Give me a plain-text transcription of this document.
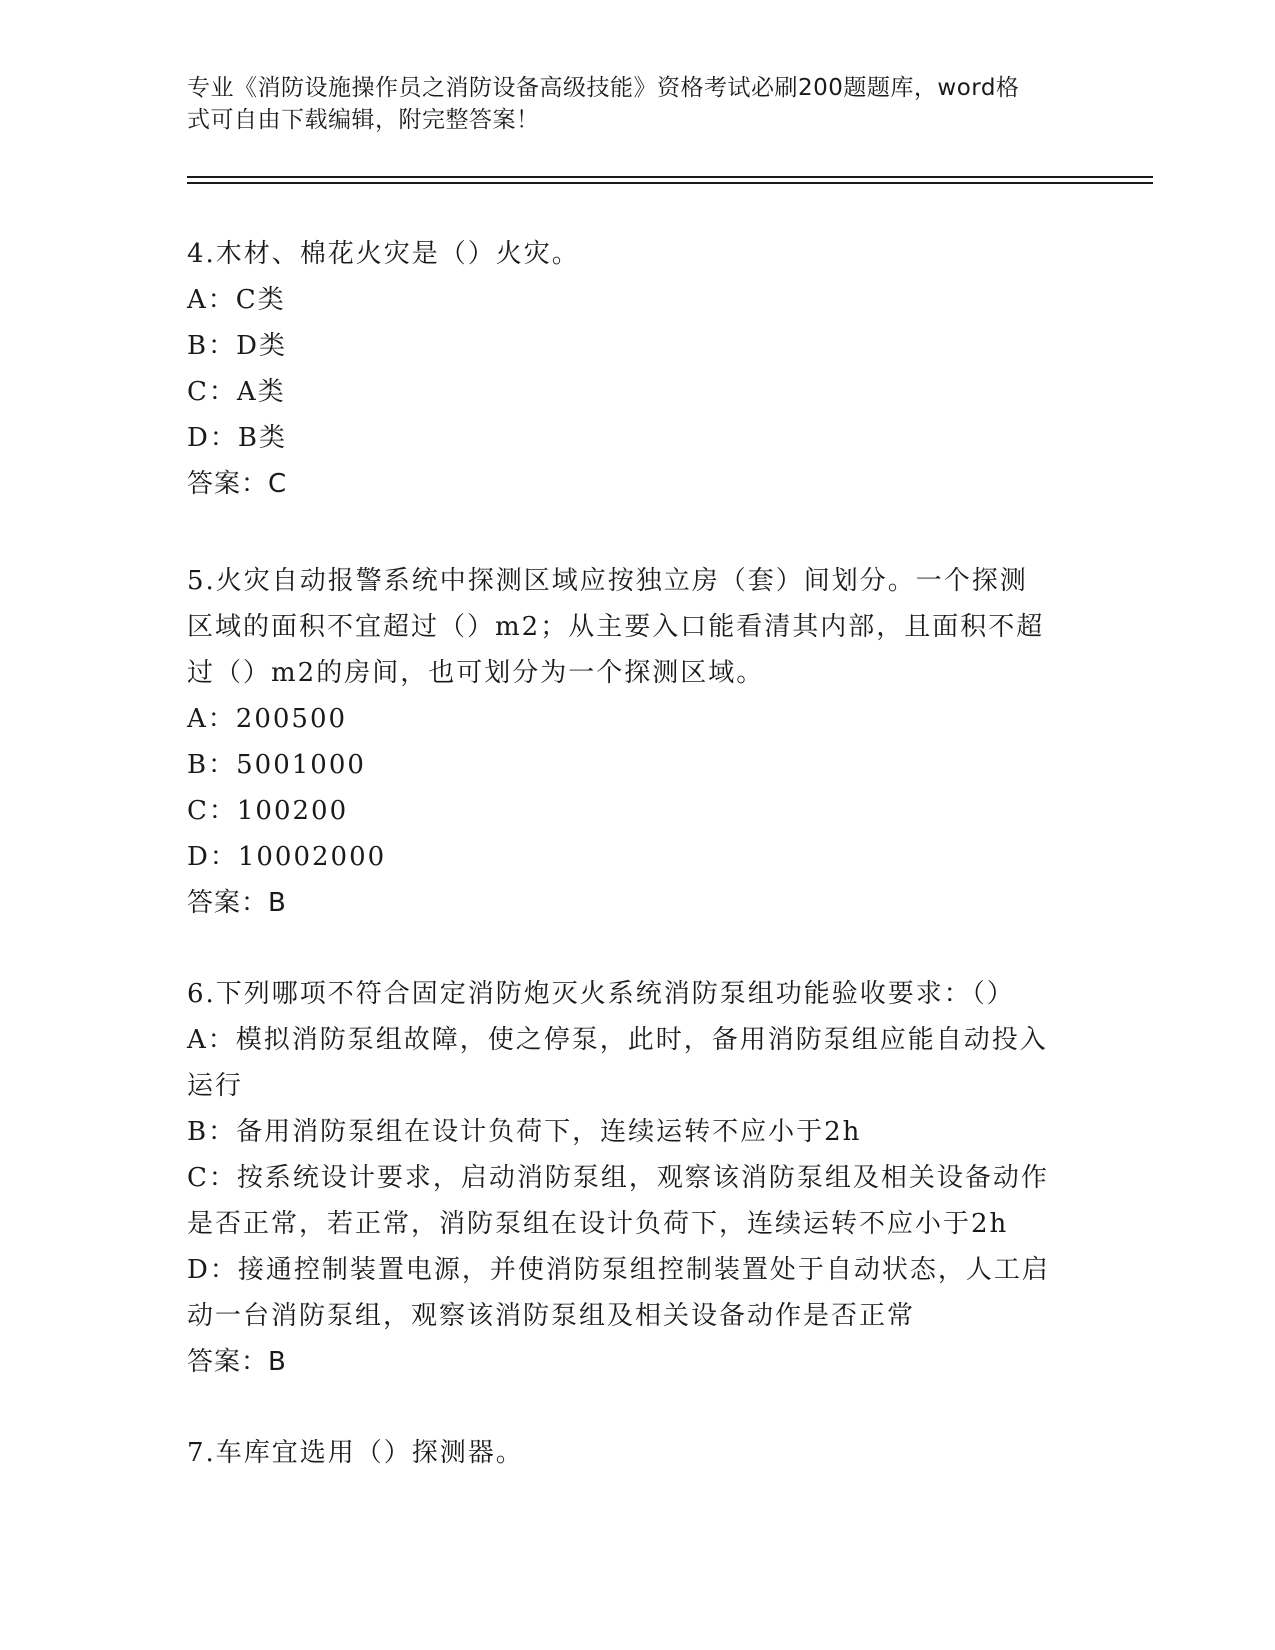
专业《消防设施操作员之消防设备高级技能》资格考试必刷200题题库，word格
式可自由下载编辑，附完整答案！
4.木材、棉花火灾是（）火灾。
A：C类
B：D类
C：A类
D：B类
答案：C
5.火灾自动报警系统中探测区域应按独立房（套）间划分。一个探测
区域的面积不宜超过（）m2；从主要入口能看清其内部，且面积不超
过（）m2的房间，也可划分为一个探测区域。
A：200500
B：5001000
C：100200
D：10002000
答案：B
6.下列哪项不符合固定消防炮灭火系统消防泵组功能验收要求：（）
A：模拟消防泵组故障，使之停泵，此时，备用消防泵组应能自动投入
运行
B：备用消防泵组在设计负荷下，连续运转不应小于2h
C：按系统设计要求，启动消防泵组，观察该消防泵组及相关设备动作
是否正常，若正常，消防泵组在设计负荷下，连续运转不应小于2h
D：接通控制装置电源，并使消防泵组控制装置处于自动状态，人工启
动一台消防泵组，观察该消防泵组及相关设备动作是否正常
答案：B
7.车库宜选用（）探测器。
